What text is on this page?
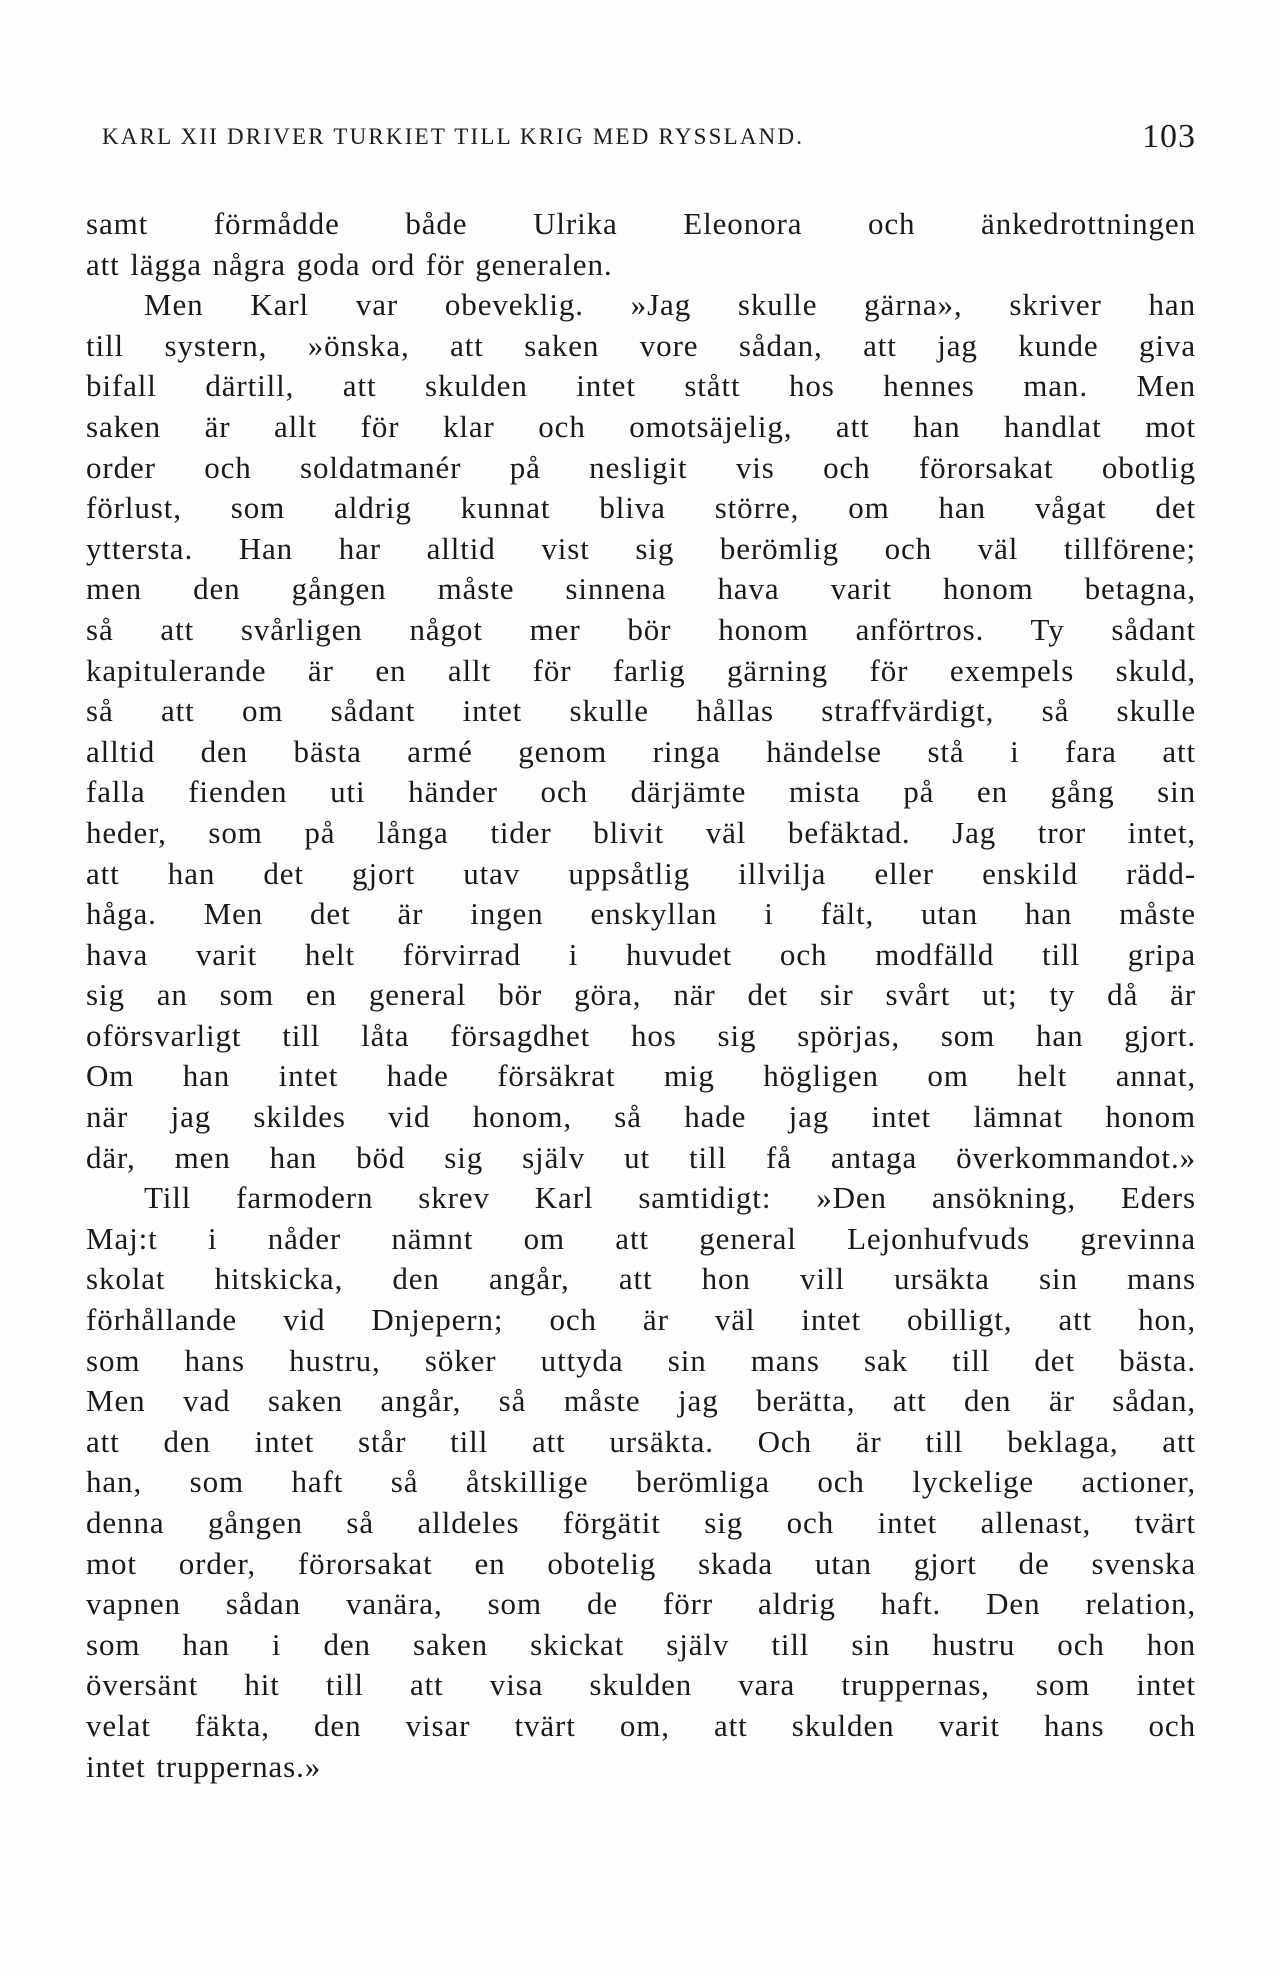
KARL XII DRIVER TURKIET TILL KRIG MED RYSSLAND.	103
samt förmådde både Ulrika Eleonora och änkedrottningen
att lägga några goda ord för generalen.
Men Karl var obeveklig. »Jag skulle gärna», skriver han
till systern, »önska, att saken vore sådan, att jag kunde giva
bifall därtill, att skulden intet stått hos hennes man. Men
saken är allt för klar och omotsäjelig, att han handlat mot
order och soldatmanér på nesligit vis och förorsakat obotlig
förlust, som aldrig kunnat bliva större, om han vågat det
yttersta. Han har alltid vist sig berömlig och väl tillförene;
men den gången måste sinnena hava varit honom betagna,
så att svårligen något mer bör honom anförtros. Ty sådant
kapitulerande är en allt för farlig gärning för exempels skuld,
så att om sådant intet skulle hållas straffvärdigt, så skulle
alltid den bästa armé genom ringa händelse stå i fara att
falla fienden uti händer och därjämte mista på en gång sin
heder, som på långa tider blivit väl befäktad. Jag tror intet,
att han det gjort utav uppsåtlig illvilja eller enskild rädd-
håga. Men det är ingen enskyllan i fält, utan han måste
hava varit helt förvirrad i huvudet och modfälld till gripa
sig an som en general bör göra, när det sir svårt ut; ty då är
oförsvarligt till låta försagdhet hos sig spörjas, som han gjort.
Om han intet hade försäkrat mig högligen om helt annat,
när jag skildes vid honom, så hade jag intet lämnat honom
där, men han böd sig själv ut till få antaga överkommandot.»
Till farmodern skrev Karl samtidigt: »Den ansökning, Eders
Maj:t i nåder nämnt om att general Lejonhufvuds grevinna
skolat hitskicka, den angår, att hon vill ursäkta sin mans
förhållande vid Dnjepern; och är väl intet obilligt, att hon,
som hans hustru, söker uttyda sin mans sak till det bästa.
Men vad saken angår, så måste jag berätta, att den är sådan,
att den intet står till att ursäkta. Och är till beklaga, att
han, som haft så åtskillige berömliga och lyckelige actioner,
denna gången så alldeles förgätit sig och intet allenast, tvärt
mot order, förorsakat en obotelig skada utan gjort de svenska
vapnen sådan vanära, som de förr aldrig haft. Den relation,
som han i den saken skickat själv till sin hustru och hon
översänt hit till att visa skulden vara truppernas, som intet
velat fäkta, den visar tvärt om, att skulden varit hans och
intet truppernas.»
